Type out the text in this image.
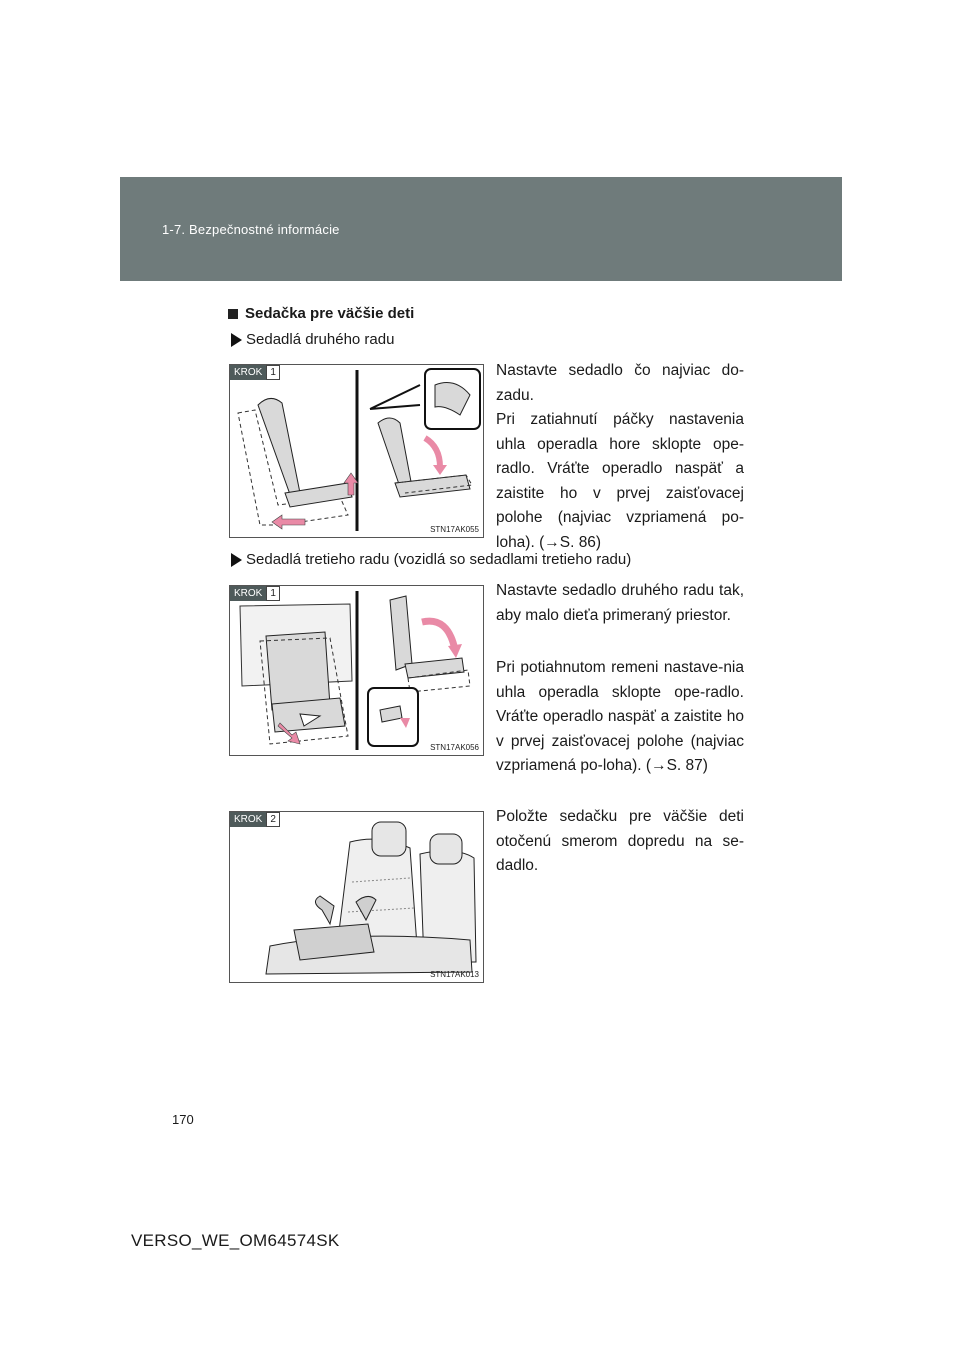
1-7. Bezpečnostné informácie
Sedačka pre väčšie deti
Sedadlá druhého radu
KROK 1
STN17AK055

Nastavte sedadlo čo najviac do-zadu.

Pri zatiahnutí páčky nastavenia uhla operadla hore sklopte ope-radlo. Vráťte operadlo naspäť a zaistite ho v prvej zaisťovacej polohe (najviac vzpriamená po-loha). (→S. 86)

Sedadlá tretieho radu (vozidlá so sedadlami tretieho radu)
KROK 1
STN17AK056

Nastavte sedadlo druhého radu tak, aby malo dieťa primeraný priestor.

Pri potiahnutom remeni nastave-nia uhla operadla sklopte ope-radlo. Vráťte operadlo naspäť a zaistite ho v prvej zaisťovacej polohe (najviac vzpriamená po-loha). (→S. 87)

KROK 2
STN17AK013

Položte sedačku pre väčšie deti otočenú smerom dopredu na se-dadlo.

170
VERSO_WE_OM64574SK
